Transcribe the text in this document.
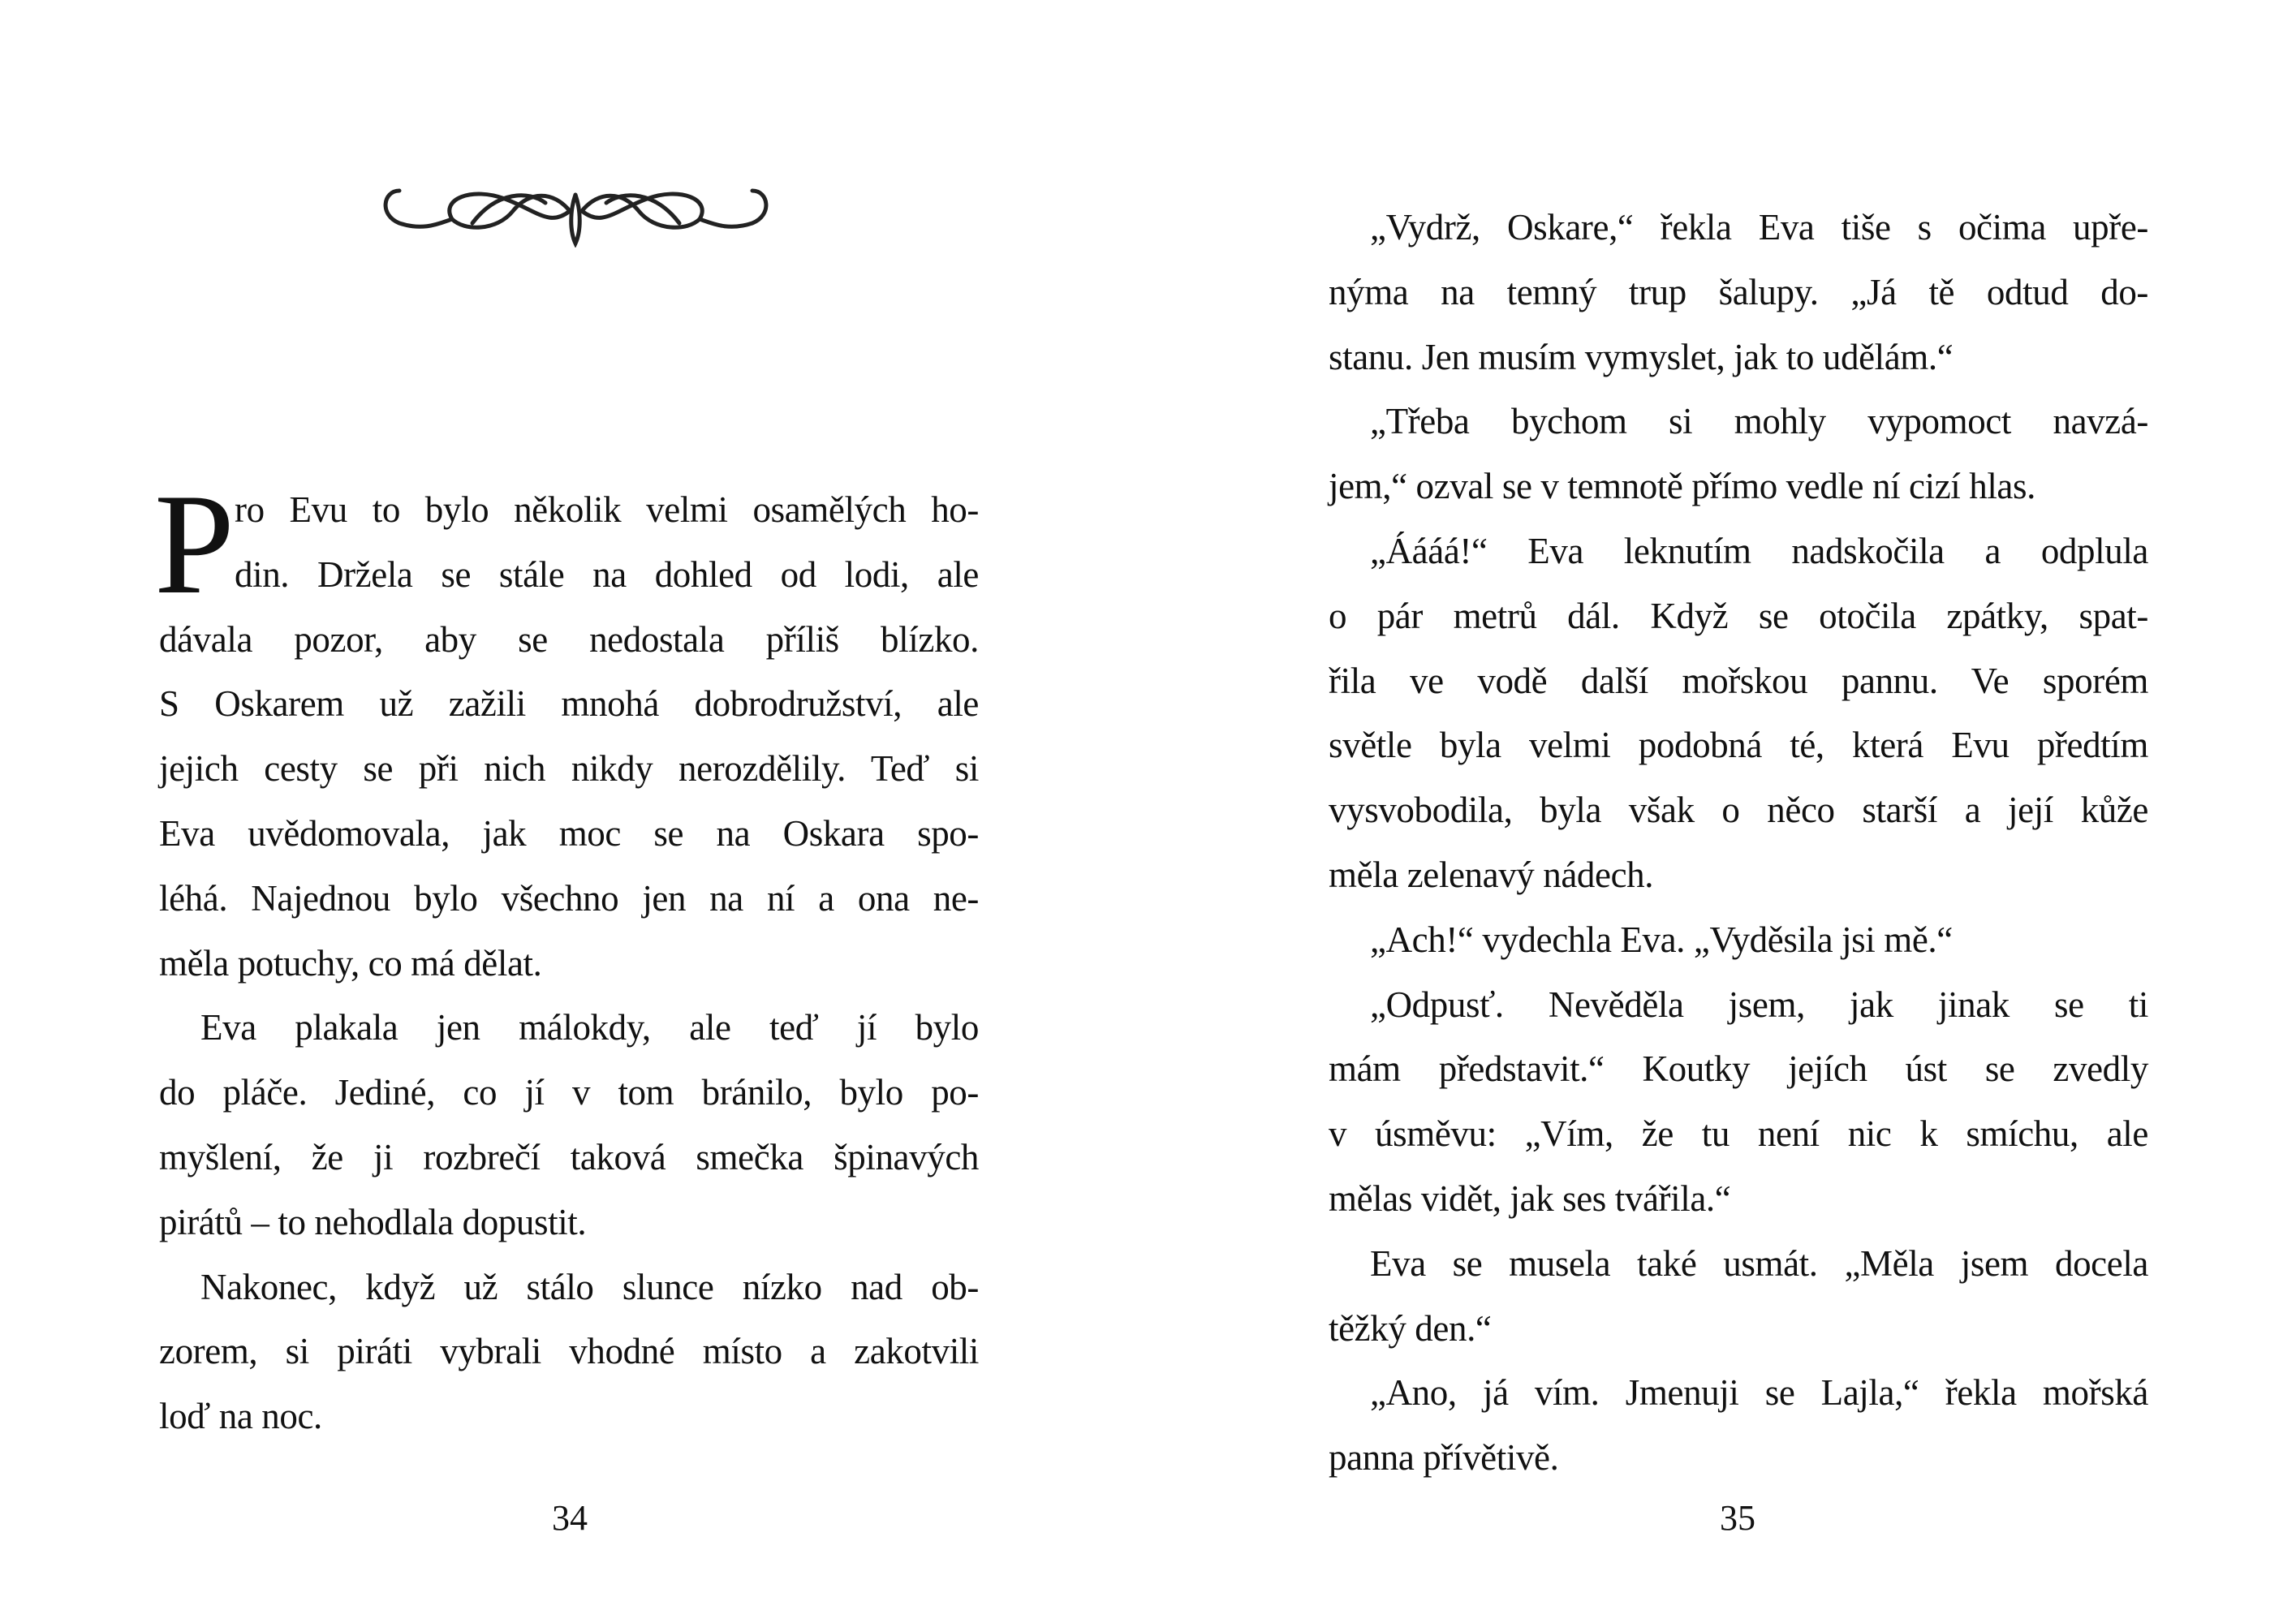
P ro Evu to bylo několik velmi osamělých ho-
din. Držela se stále na dohled od lodi, ale
dávala pozor, aby se nedostala příliš blízko.
S Oskarem už zažili mnohá dobrodružství, ale
jejich cesty se při nich nikdy nerozdělily. Teď si
Eva uvědomovala, jak moc se na Oskara spo-
léhá. Najednou bylo všechno jen na ní a ona ne-
měla potuchy, co má dělat.
Eva plakala jen málokdy, ale teď jí bylo
do pláče. Jediné, co jí v tom bránilo, bylo po-
myšlení, že ji rozbrečí taková smečka špinavých
pirátů – to nehodlala dopustit.
Nakonec, když už stálo slunce nízko nad ob-
zorem, si piráti vybrali vhodné místo a zakotvili
loď na noc.
34
„Vydrž, Oskare,“ řekla Eva tiše s očima upře-
nýma na temný trup šalupy. „Já tě odtud do-
stanu. Jen musím vymyslet, jak to udělám.“
„Třeba bychom si mohly vypomoct navzá-
jem,“ ozval se v temnotě přímo vedle ní cizí hlas.
„Áááá!“ Eva leknutím nadskočila a odplula
o pár metrů dál. Když se otočila zpátky, spat-
řila ve vodě další mořskou pannu. Ve sporém
světle byla velmi podobná té, která Evu předtím
vysvobodila, byla však o něco starší a její kůže
měla zelenavý nádech.
„Ach!“ vydechla Eva. „Vyděsila jsi mě.“
„Odpusť. Nevěděla jsem, jak jinak se ti
mám představit.“ Koutky jejích úst se zvedly
v úsměvu: „Vím, že tu není nic k smíchu, ale
mělas vidět, jak ses tvářila.“
Eva se musela také usmát. „Měla jsem docela
těžký den.“
„Ano, já vím. Jmenuji se Lajla,“ řekla mořská
panna přívětivě.
35
